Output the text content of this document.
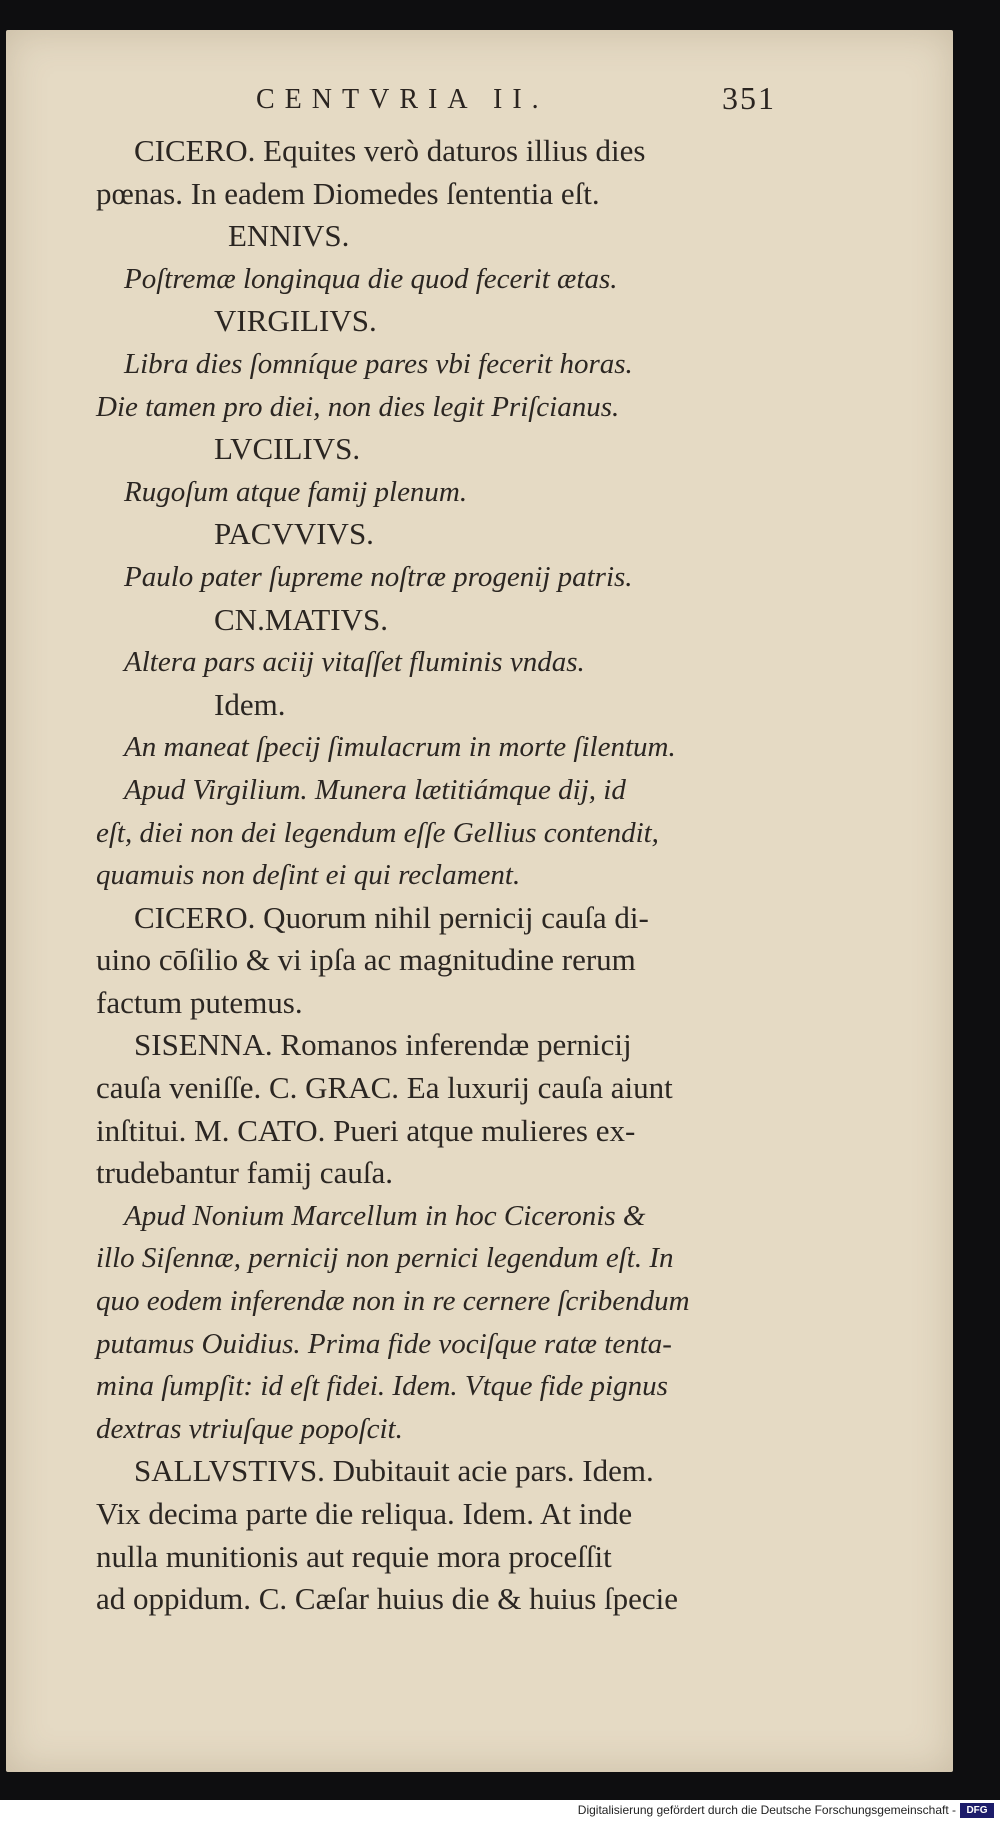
CENTVRIA II.	351
CICERO. Equites verò daturos illius dies
pœnas. In eadem Diomedes ſententia eſt.
ENNIVS.
Poſtremæ longinqua die quod fecerit ætas.
VIRGILIVS.
Libra dies ſomníque pares vbi fecerit horas.
Die tamen pro diei, non dies legit Priſcianus.
LVCILIVS.
Rugoſum atque famij plenum.
PACVVIVS.
Paulo pater ſupreme noſtræ progenij patris.
CN.MATIVS.
Altera pars aciij vitaſſet fluminis vndas.
Idem.
An maneat ſpecij ſimulacrum in morte ſilentum.
Apud Virgilium. Munera lætitiámque dij, id
eſt, diei non dei legendum eſſe Gellius contendit,
quamuis non deſint ei qui reclament.
CICERO. Quorum nihil pernicij cauſa di-
uino cōſilio & vi ipſa ac magnitudine rerum
factum putemus.
SISENNA. Romanos inferendæ pernicij
cauſa veniſſe. C. GRAC. Ea luxurij cauſa aiunt
inſtitui. M. CATO. Pueri atque mulieres ex-
trudebantur famij cauſa.
Apud Nonium Marcellum in hoc Ciceronis &
illo Siſennæ, pernicij non pernici legendum eſt. In
quo eodem inferendæ non in re cernere ſcribendum
putamus Ouidius. Prima fide vociſque ratæ tenta-
mina ſumpſit: id eſt fidei. Idem. Vtque fide pignus
dextras vtriuſque popoſcit.
SALLVSTIVS. Dubitauit acie pars. Idem.
Vix decima parte die reliqua. Idem. At inde
nulla munitionis aut requie mora proceſſit
ad oppidum. C. Cæſar huius die & huius ſpecie
Digitalisierung gefördert durch die Deutsche Forschungsgemeinschaft -	DFG
